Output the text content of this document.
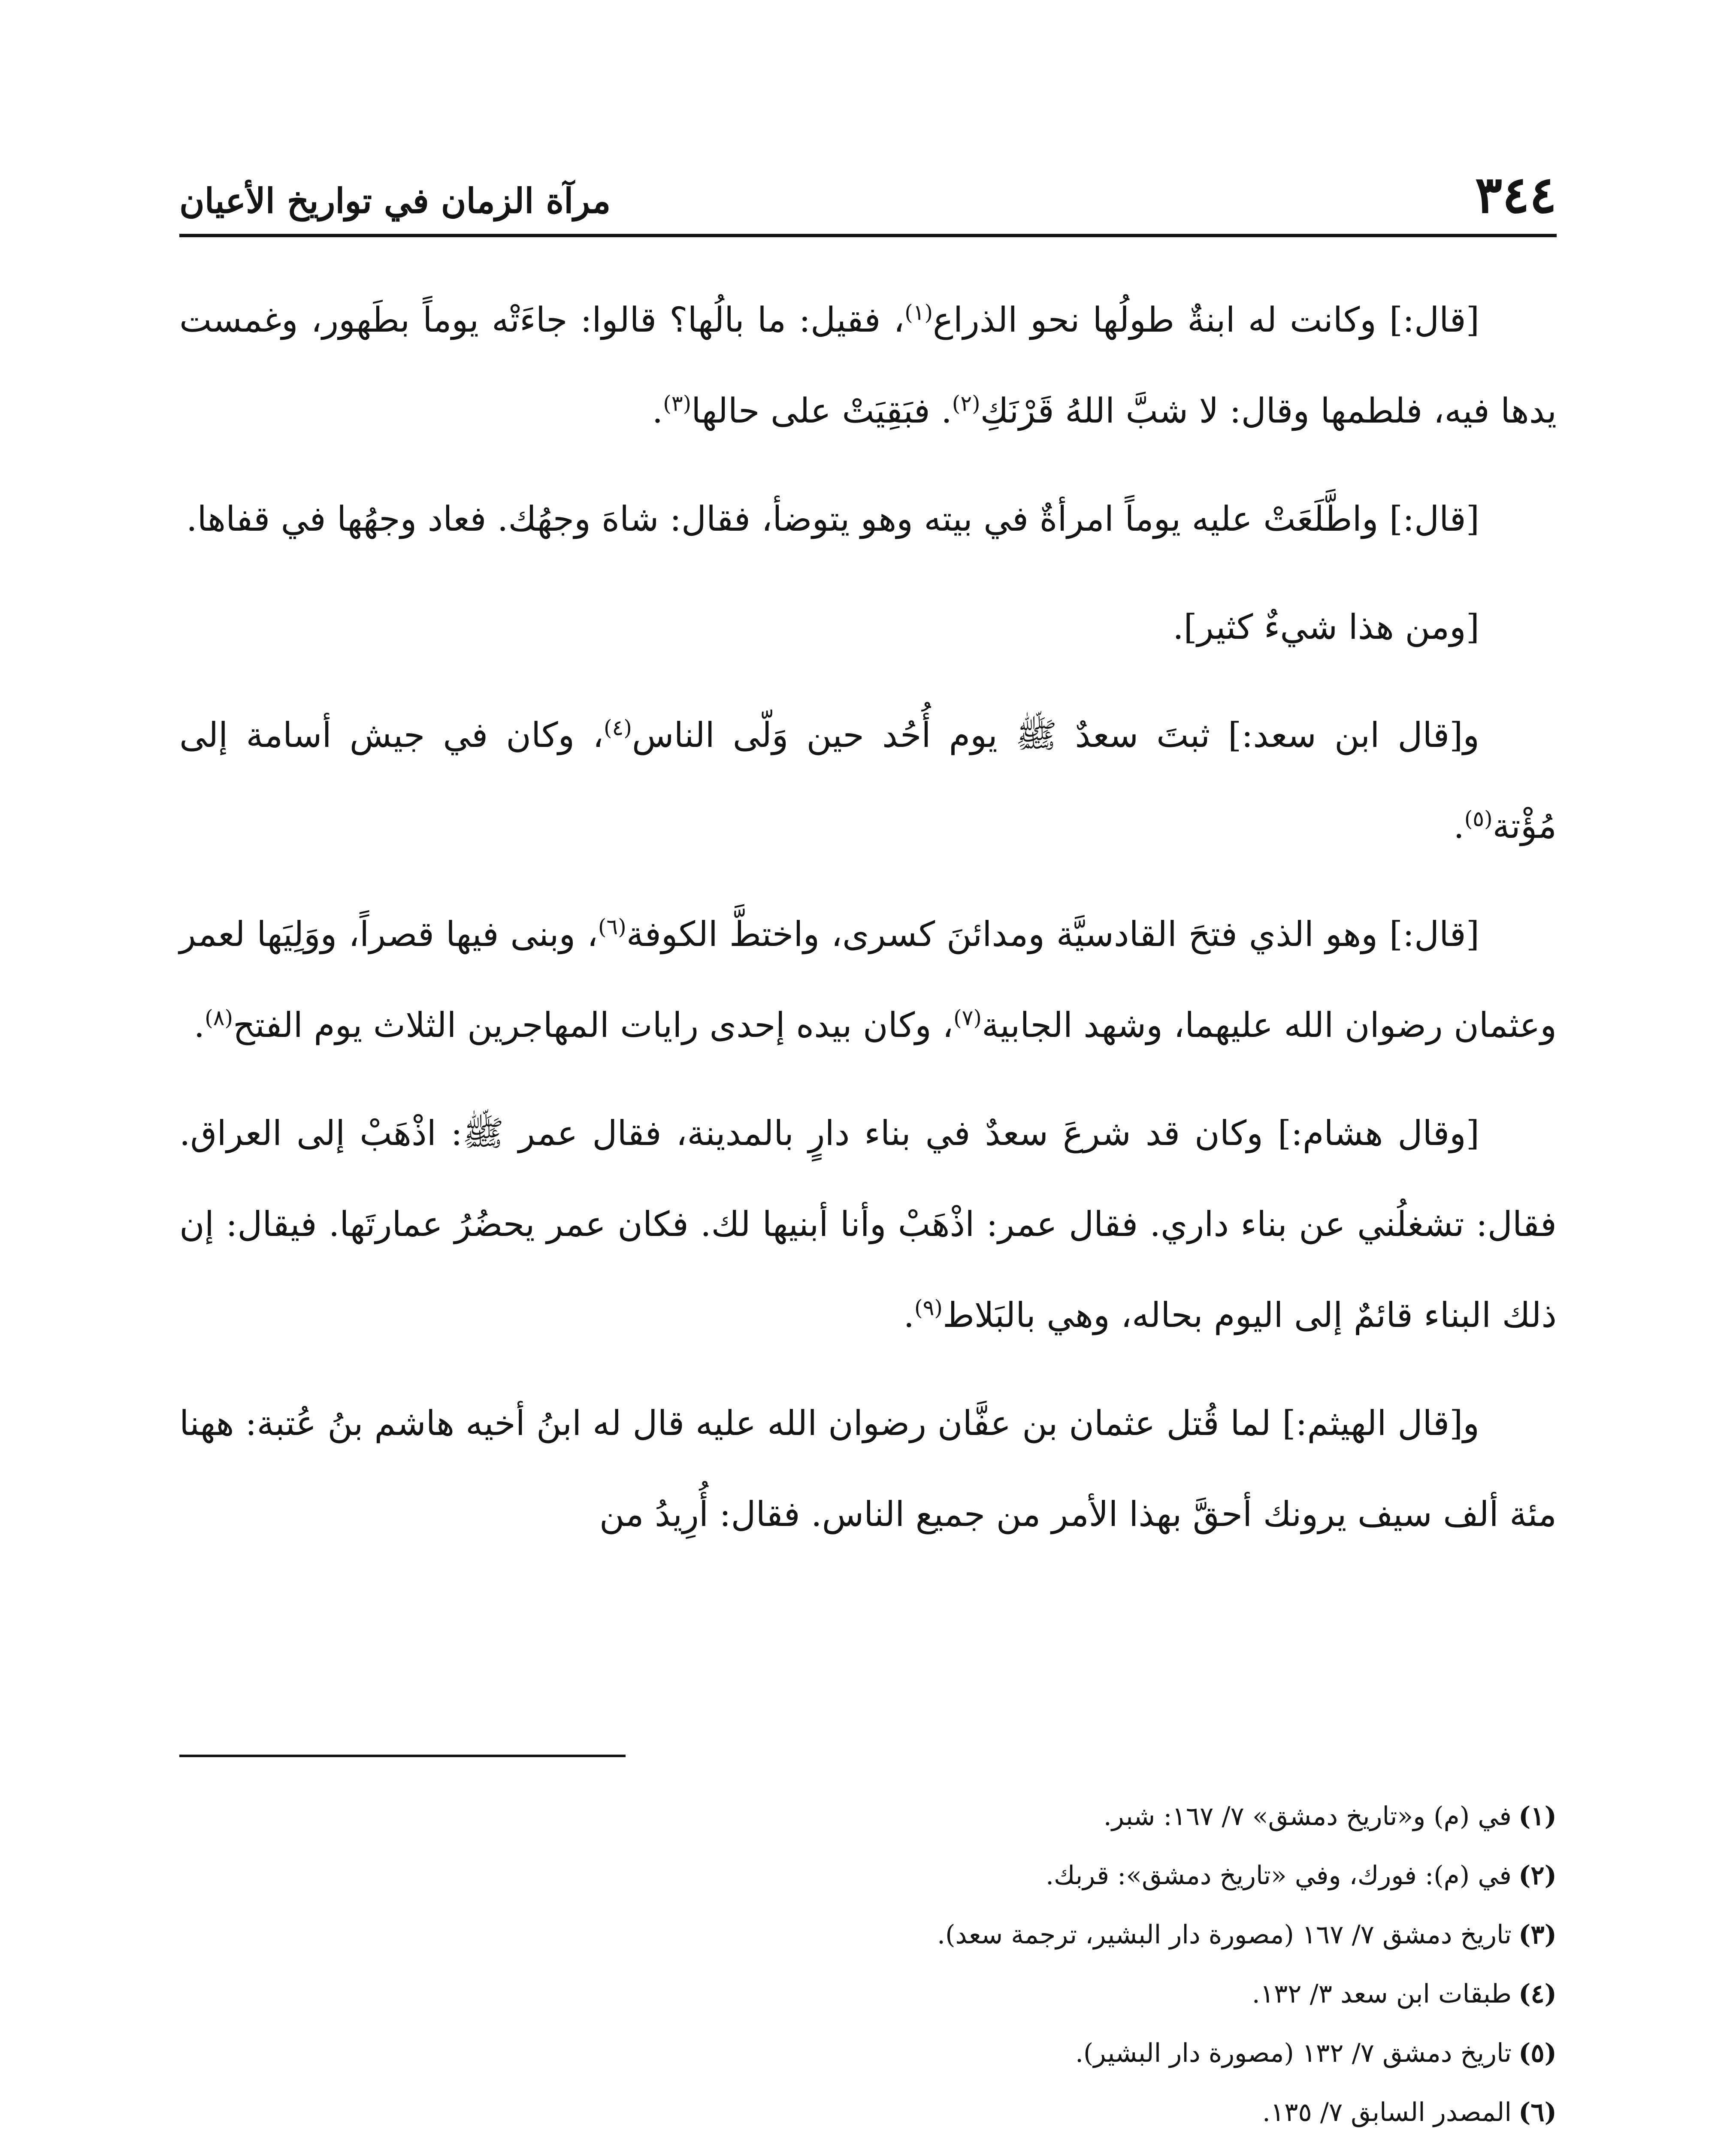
٣٤٤
مرآة الزمان في تواريخ الأعيان

[قال:] وكانت له ابنةٌ طولُها نحو الذراع$^{(١)}$، فقيل: ما بالُها؟ قالوا: جاءَتْه يوماً بطَهور، وغمست يدها فيه، فلطمها وقال: لا شبَّ اللهُ قَرْنَكِ$^{(٢)}$. فبَقِيَتْ على حالها$^{(٣)}$.

[قال:] واطَّلَعَتْ عليه يوماً امرأةٌ في بيته وهو يتوضأ، فقال: شاهَ وجهُك. فعاد وجهُها في قفاها.

[ومن هذا شيءٌ كثير].

و[قال ابن سعد:] ثبتَ سعدٌ ﷺ يوم أُحُد حين وَلّى الناس$^{(٤)}$، وكان في جيش أسامة إلى مُؤْتة$^{(٥)}$.

[قال:] وهو الذي فتحَ القادسيَّة ومدائنَ كسرى، واختطَّ الكوفة$^{(٦)}$، وبنى فيها قصراً، ووَلِيَها لعمر وعثمان رضوان الله عليهما، وشهد الجابية$^{(٧)}$، وكان بيده إحدى رايات المهاجرين الثلاث يوم الفتح$^{(٨)}$.

[وقال هشام:] وكان قد شرعَ سعدٌ في بناء دارٍ بالمدينة، فقال عمر ﷺ: اذْهَبْ إلى العراق. فقال: تشغلُني عن بناء داري. فقال عمر: اذْهَبْ وأنا أبنيها لك. فكان عمر يحضُرُ عمارتَها. فيقال: إن ذلك البناء قائمٌ إلى اليوم بحاله، وهي بالبَلاط$^{(٩)}$.

و[قال الهيثم:] لما قُتل عثمان بن عفَّان رضوان الله عليه قال له ابنُ أخيه هاشم بنُ عُتبة: ههنا مئة ألف سيف يرونك أحقَّ بهذا الأمر من جميع الناس. فقال: أُرِيدُ من

(١)في (م) و«تاريخ دمشق» ٧/ ١٦٧: شبر.

(٢)في (م): فورك، وفي «تاريخ دمشق»: قربك.

(٣)تاريخ دمشق ٧/ ١٦٧ (مصورة دار البشير، ترجمة سعد).

(٤)طبقات ابن سعد ٣/ ١٣٢.

(٥)تاريخ دمشق ٧/ ١٣٢ (مصورة دار البشير).

(٦)المصدر السابق ٧/ ١٣٥.
